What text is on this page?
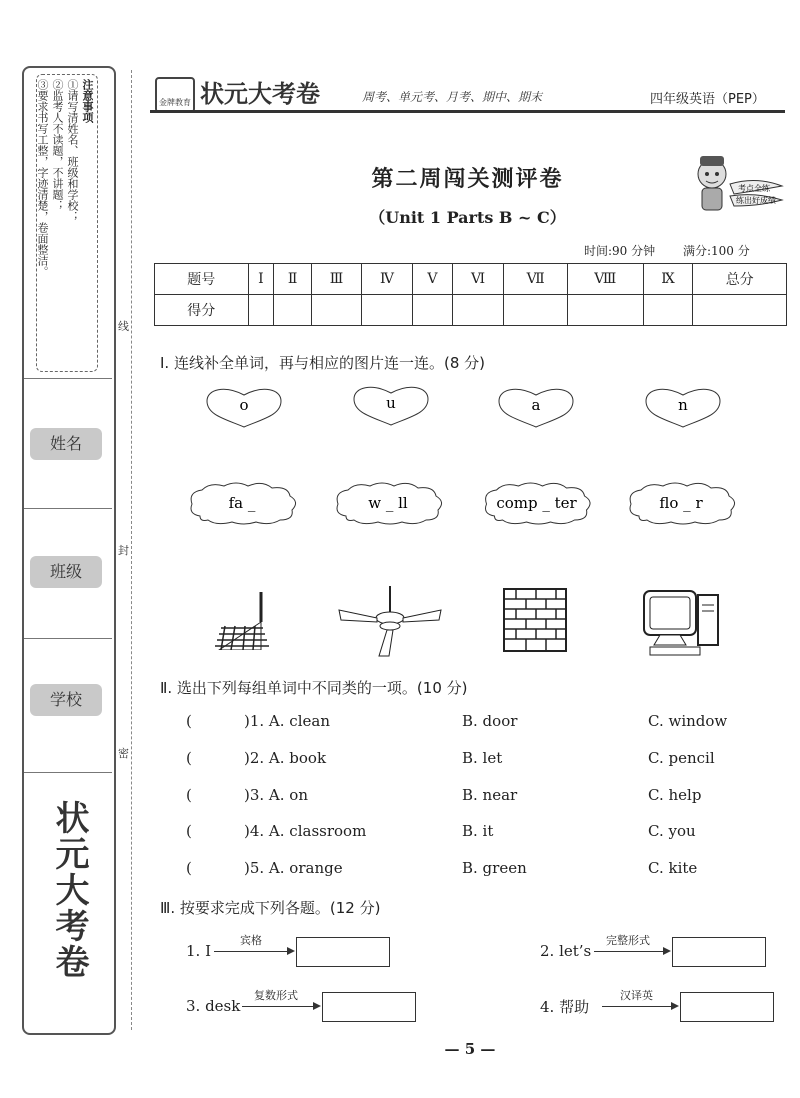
注意事项
①请写清姓名、班级和学校；
②监考人不读题，不讲题；
③要求书写工整，字迹清楚，卷面整洁。
姓名
班级
学校
状元大考卷
线
封
密
金牌教育 状元大考卷	周考、单元考、月考、期中、期末	四年级英语（PEP）
第二周闯关测评卷
（Unit 1 Parts B ~ C）
考点全练
练出好成绩
时间:90 分钟 满分:100 分
题号	Ⅰ	Ⅱ	Ⅲ	Ⅳ	Ⅴ	Ⅵ	Ⅶ	Ⅷ	Ⅸ	总分
得分										
Ⅰ. 连线补全单词，再与相应的图片连一连。(8 分)
o	u	a	n
fa _	w _ ll	comp _ ter	flo _ r
Ⅱ. 选出下列每组单词中不同类的一项。(10 分)
(	)1. A. clean	B. door	C. window
(	)2. A. book	B. let	C. pencil
(	)3. A. on	B. near	C. help
(	)4. A. classroom	B. it	C. you
(	)5. A. orange	B. green	C. kite
Ⅲ. 按要求完成下列各题。(12 分)
1. I
宾格
2. let’s
完整形式
3. desk
复数形式
4. 帮助
汉译英
— 5 —
